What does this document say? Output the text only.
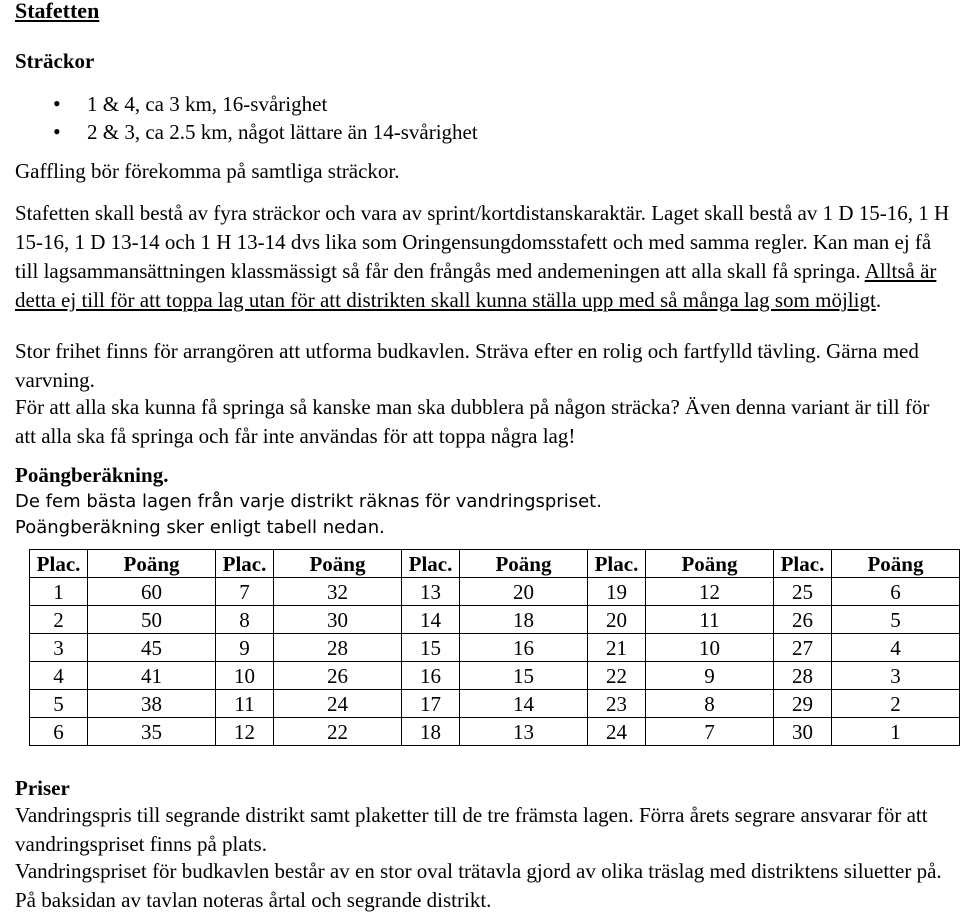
Stafetten
Sträckor
• 1 & 4, ca 3 km, 16-svårighet
• 2 & 3, ca 2.5 km, något lättare än 14-svårighet
Gaffling bör förekomma på samtliga sträckor.
Stafetten skall bestå av fyra sträckor och vara av sprint/kortdistanskaraktär. Laget skall bestå av 1 D 15-16, 1 H 15-16, 1 D 13-14 och 1 H 13-14 dvs lika som Oringensungdomsstafett och med samma regler. Kan man ej få till lagsammansättningen klassmässigt så får den frångås med andemeningen att alla skall få springa. Alltså är detta ej till för att toppa lag utan för att distrikten skall kunna ställa upp med så många lag som möjligt.
Stor frihet finns för arrangören att utforma budkavlen. Sträva efter en rolig och fartfylld tävling. Gärna med varvning.
För att alla ska kunna få springa så kanske man ska dubblera på någon sträcka? Även denna variant är till för att alla ska få springa och får inte användas för att toppa några lag!
Poängberäkning.
De fem bästa lagen från varje distrikt räknas för vandringspriset.
Poängberäkning sker enligt tabell nedan.
Plac.	Poäng	Plac.	Poäng	Plac.	Poäng	Plac.	Poäng	Plac.	Poäng
1	60	7	32	13	20	19	12	25	6
2	50	8	30	14	18	20	11	26	5
3	45	9	28	15	16	21	10	27	4
4	41	10	26	16	15	22	9	28	3
5	38	11	24	17	14	23	8	29	2
6	35	12	22	18	13	24	7	30	1
Priser
Vandringspris till segrande distrikt samt plaketter till de tre främsta lagen. Förra årets segrare ansvarar för att vandringspriset finns på plats.
Vandringspriset för budkavlen består av en stor oval trätavla gjord av olika träslag med distriktens siluetter på. På baksidan av tavlan noteras årtal och segrande distrikt.
